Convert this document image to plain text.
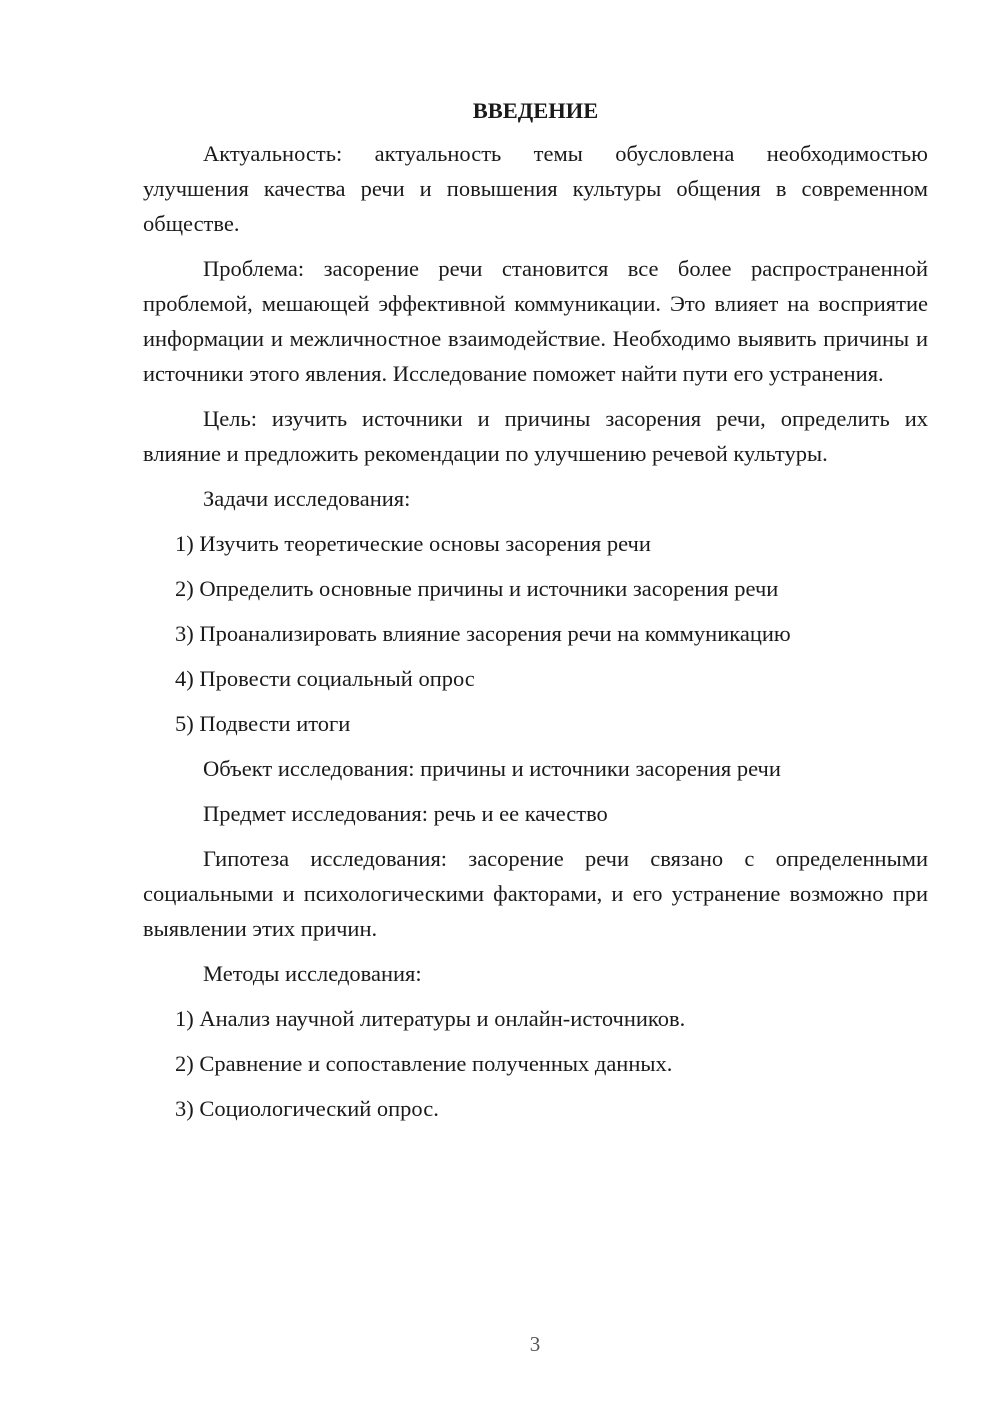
ВВЕДЕНИЕ

Актуальность: актуальность темы обусловлена необходимостью улучшения качества речи и повышения культуры общения в современном обществе.

Проблема: засорение речи становится все более распространенной проблемой, мешающей эффективной коммуникации. Это влияет на восприятие информации и межличностное взаимодействие. Необходимо выявить причины и источники этого явления. Исследование поможет найти пути его устранения.

Цель: изучить источники и причины засорения речи, определить их влияние и предложить рекомендации по улучшению речевой культуры.

Задачи исследования:
1) Изучить теоретические основы засорения речи
2) Определить основные причины и источники засорения речи
3) Проанализировать влияние засорения речи на коммуникацию
4) Провести социальный опрос
5) Подвести итоги
Объект исследования: причины и источники засорения речи
Предмет исследования: речь и ее качество

Гипотеза исследования: засорение речи связано с определенными социальными и психологическими факторами, и его устранение возможно при выявлении этих причин.

Методы исследования:
1) Анализ научной литературы и онлайн-источников.
2) Сравнение и сопоставление полученных данных.
3) Социологический опрос.
3
